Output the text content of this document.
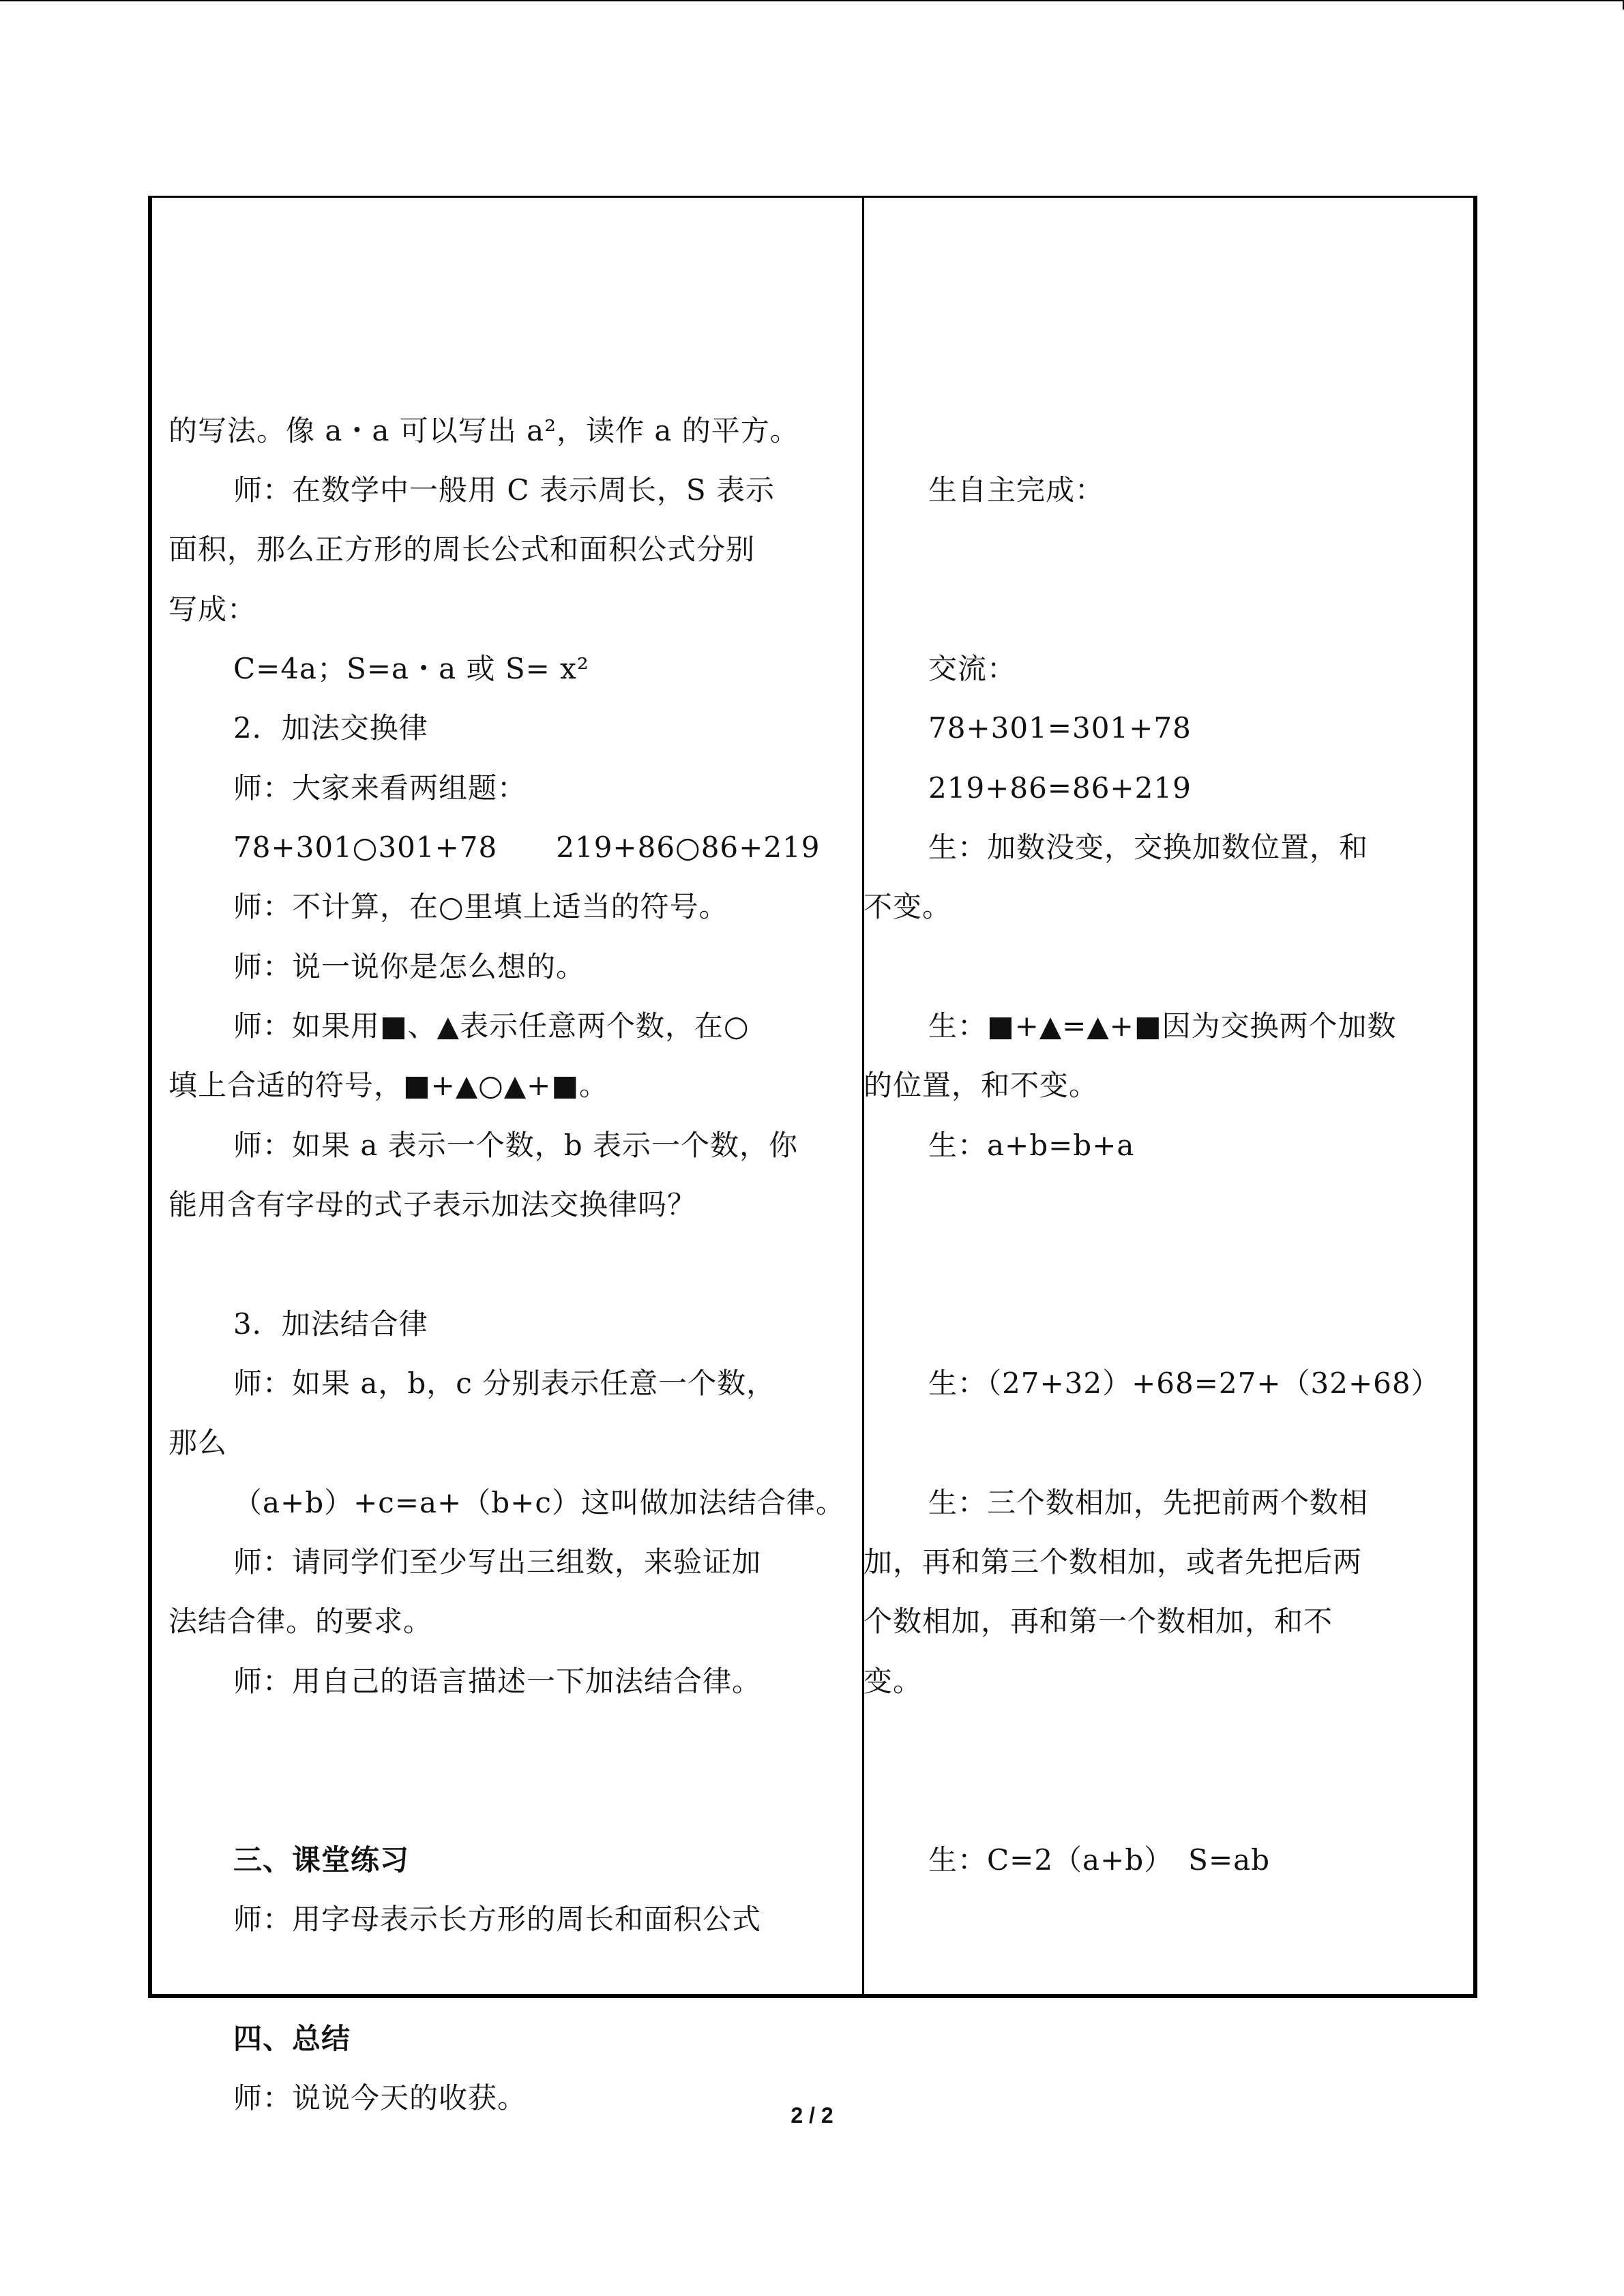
的写法。像 a・a 可以写出 a²，读作 a 的平方。
师：在数学中一般用 C 表示周长，S 表示
面积，那么正方形的周长公式和面积公式分别
写成：
C=4a；S=a・a 或 S= x²
2．加法交换律
师：大家来看两组题：
78+301○301+78　　219+86○86+219
师：不计算，在○里填上适当的符号。
师：说一说你是怎么想的。
师：如果用■、▲表示任意两个数，在○
填上合适的符号，■+▲○▲+■。
师：如果 a 表示一个数，b 表示一个数，你
能用含有字母的式子表示加法交换律吗？
3．加法结合律
师：如果 a，b，c 分别表示任意一个数，
那么
（a+b）+c=a+（b+c）这叫做加法结合律。
师：请同学们至少写出三组数，来验证加
法结合律。的要求。
师：用自己的语言描述一下加法结合律。
三、课堂练习
师：用字母表示长方形的周长和面积公式
四、总结
师：说说今天的收获。
生自主完成：
交流：
78+301=301+78
219+86=86+219
生：加数没变，交换加数位置，和
不变。
生：■+▲=▲+■因为交换两个加数
的位置，和不变。
生：a+b=b+a
生：（27+32）+68=27+（32+68）
生：三个数相加，先把前两个数相
加，再和第三个数相加，或者先把后两
个数相加，再和第一个数相加，和不
变。
生：C=2（a+b）　S=ab
2 / 2
